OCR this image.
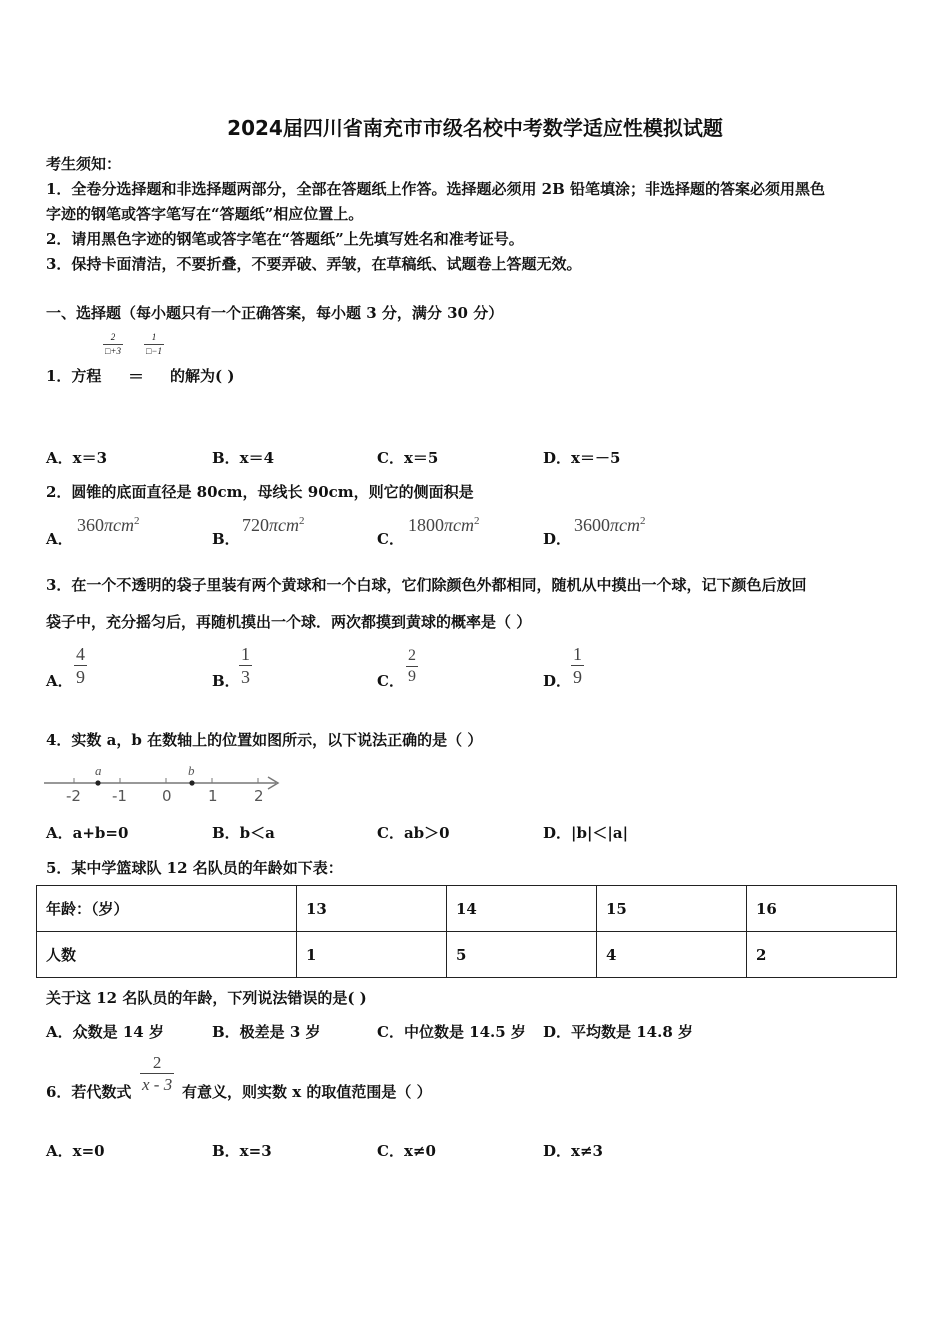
2024届四川省南充市市级名校中考数学适应性模拟试题
考生须知：
1．全卷分选择题和非选择题两部分，全部在答题纸上作答。选择题必须用 2B 铅笔填涂；非选择题的答案必须用黑色
字迹的钢笔或答字笔写在“答题纸”相应位置上。
2．请用黑色字迹的钢笔或答字笔在“答题纸”上先填写姓名和准考证号。
3．保持卡面清洁，不要折叠，不要弄破、弄皱，在草稿纸、试题卷上答题无效。
一、选择题（每小题只有一个正确答案，每小题 3 分，满分 30 分）
1．方程
$\frac{2}{□+3}$
＝
$\frac{1}{□-1}$
的解为( )
A．x＝3	B．x＝4	C．x＝5	D．x＝－5
2．圆锥的底面直径是 80cm，母线长 90cm，则它的侧面积是
A．
360πcm$^2$
B．
720πcm$^2$
C．
1800πcm$^2$
D．
3600πcm$^2$
3．在一个不透明的袋子里装有两个黄球和一个白球，它们除颜色外都相同，随机从中摸出一个球，记下颜色后放回
袋子中，充分摇匀后，再随机摸出一个球．两次都摸到黄球的概率是（ ）
A． $\frac{4}{9}$	B． $\frac{1}{3}$	C． $\frac{2}{9}$	D． $\frac{1}{9}$
4．实数 a，b 在数轴上的位置如图所示，以下说法正确的是（ ）
a	b
-2 -1 0 1 2
A．a+b=0	B．b＜a	C．ab＞0	D．|b|＜|a|
5．某中学篮球队 12 名队员的年龄如下表：
年龄：（岁）	13	14	15	16
人数	1	5	4	2
关于这 12 名队员的年龄，下列说法错误的是( )
A．众数是 14 岁	B．极差是 3 岁	C．中位数是 14.5 岁 D．平均数是 14.8 岁
6．若代数式 $\frac{2}{x - 3}$ 有意义，则实数 x 的取值范围是（ ）
A．x=0	B．x=3	C．x≠0	D．x≠3
